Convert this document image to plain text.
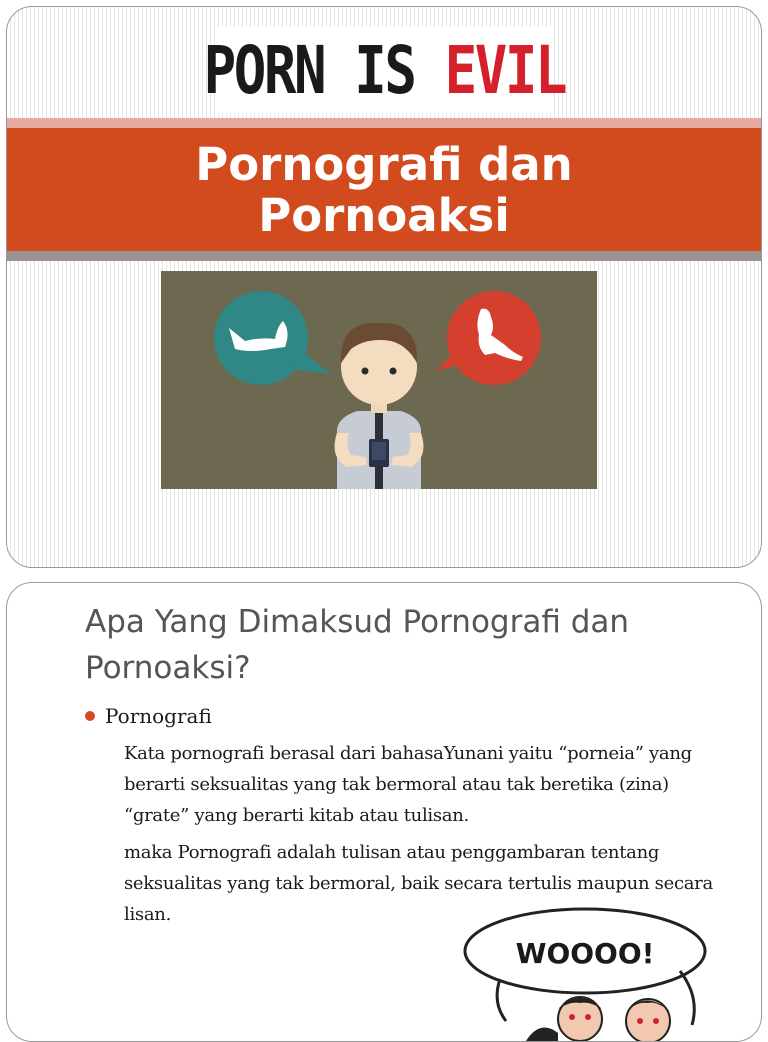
PORN IS EVIL
Pornografi dan
Pornoaksi
Apa Yang Dimaksud Pornografi dan Pornoaksi?
Pornografi

Kata pornografi berasal dari bahasaYunani yaitu “porneia” yang berarti seksualitas yang tak bermoral atau tak beretika (zina) “grate” yang berarti kitab atau tulisan.

maka Pornografi adalah tulisan atau penggambaran tentang seksualitas yang tak bermoral, baik secara tertulis maupun secara lisan.

WOOOO!
